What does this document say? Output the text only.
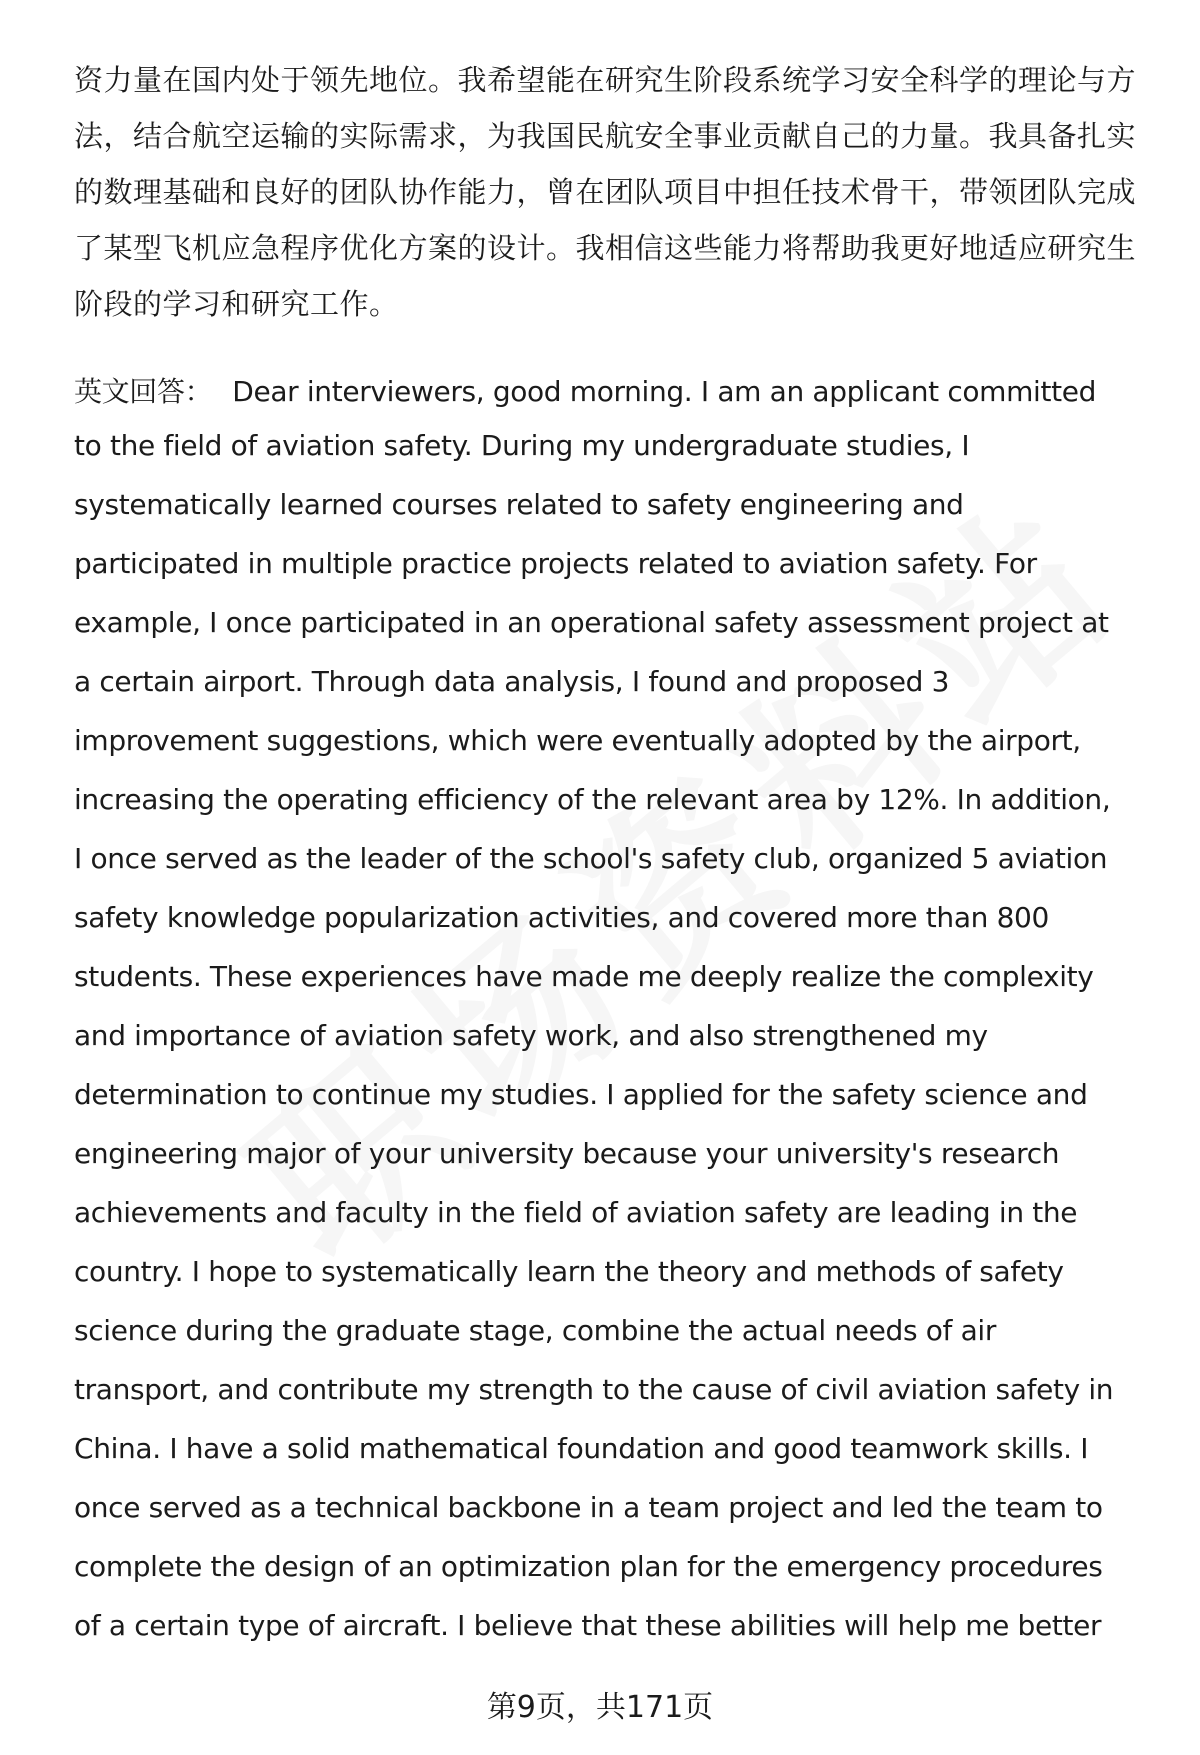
资力量在国内处于领先地位。我希望能在研究生阶段系统学习安全科学的理论与方
法，结合航空运输的实际需求，为我国民航安全事业贡献自己的力量。我具备扎实
的数理基础和良好的团队协作能力，曾在团队项目中担任技术骨干，带领团队完成
了某型飞机应急程序优化方案的设计。我相信这些能力将帮助我更好地适应研究生
阶段的学习和研究工作。
英文回答： Dear interviewers, good morning. I am an applicant committed
to the field of aviation safety. During my undergraduate studies, I
systematically learned courses related to safety engineering and
participated in multiple practice projects related to aviation safety. For
example, I once participated in an operational safety assessment project at
a certain airport. Through data analysis, I found and proposed 3
improvement suggestions, which were eventually adopted by the airport,
increasing the operating efficiency of the relevant area by 12%. In addition,
I once served as the leader of the school's safety club, organized 5 aviation
safety knowledge popularization activities, and covered more than 800
students. These experiences have made me deeply realize the complexity
and importance of aviation safety work, and also strengthened my
determination to continue my studies. I applied for the safety science and
engineering major of your university because your university's research
achievements and faculty in the field of aviation safety are leading in the
country. I hope to systematically learn the theory and methods of safety
science during the graduate stage, combine the actual needs of air
transport, and contribute my strength to the cause of civil aviation safety in
China. I have a solid mathematical foundation and good teamwork skills. I
once served as a technical backbone in a team project and led the team to
complete the design of an optimization plan for the emergency procedures
of a certain type of aircraft. I believe that these abilities will help me better
第9页，共171页
